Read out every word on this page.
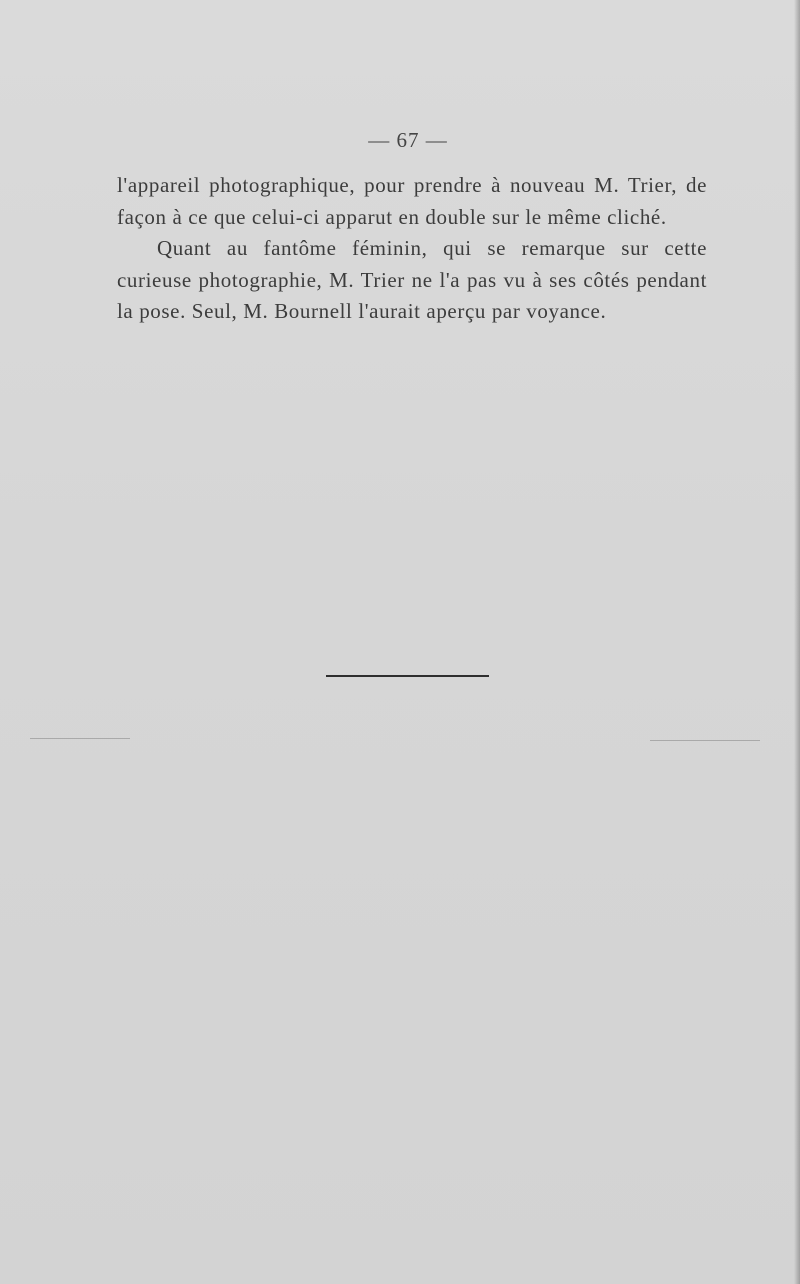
— 67 —

l'appareil photographique, pour prendre à nouveau M. Trier, de façon à ce que celui-ci apparut en double sur le même cliché.

Quant au fantôme féminin, qui se remarque sur cette curieuse photographie, M. Trier ne l'a pas vu à ses côtés pendant la pose. Seul, M. Bournell l'aurait aperçu par voyance.
